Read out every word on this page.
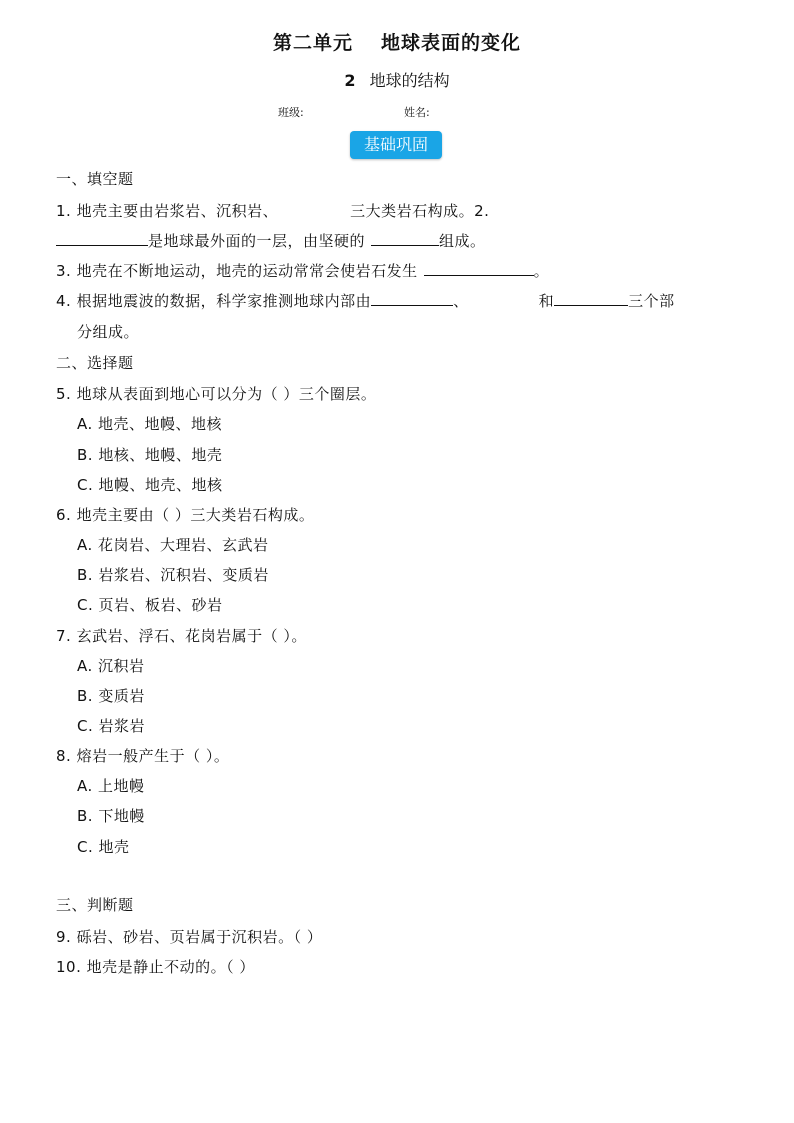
第二单元 地球表面的变化
2 地球的结构
班级:	姓名:
基础巩固
一、填空题
1. 地壳主要由岩浆岩、沉积岩、	三大类岩石构成。2.
是地球最外面的一层，由坚硬的	组成。
3. 地壳在不断地运动，地壳的运动常常会使岩石发生	。
4. 根据地震波的数据，科学家推测地球内部由	、	和	三个部
分组成。
二、选择题
5. 地球从表面到地心可以分为（ ）三个圈层。
A. 地壳、地幔、地核
B. 地核、地幔、地壳
C. 地幔、地壳、地核
6. 地壳主要由（ ）三大类岩石构成。
A. 花岗岩、大理岩、玄武岩
B. 岩浆岩、沉积岩、变质岩
C. 页岩、板岩、砂岩
7. 玄武岩、浮石、花岗岩属于（ ）。
A. 沉积岩
B. 变质岩
C. 岩浆岩
8. 熔岩一般产生于（ ）。
A. 上地幔
B. 下地幔
C. 地壳
三、判断题
9. 砾岩、砂岩、页岩属于沉积岩。（ ）
10. 地壳是静止不动的。（ ）
